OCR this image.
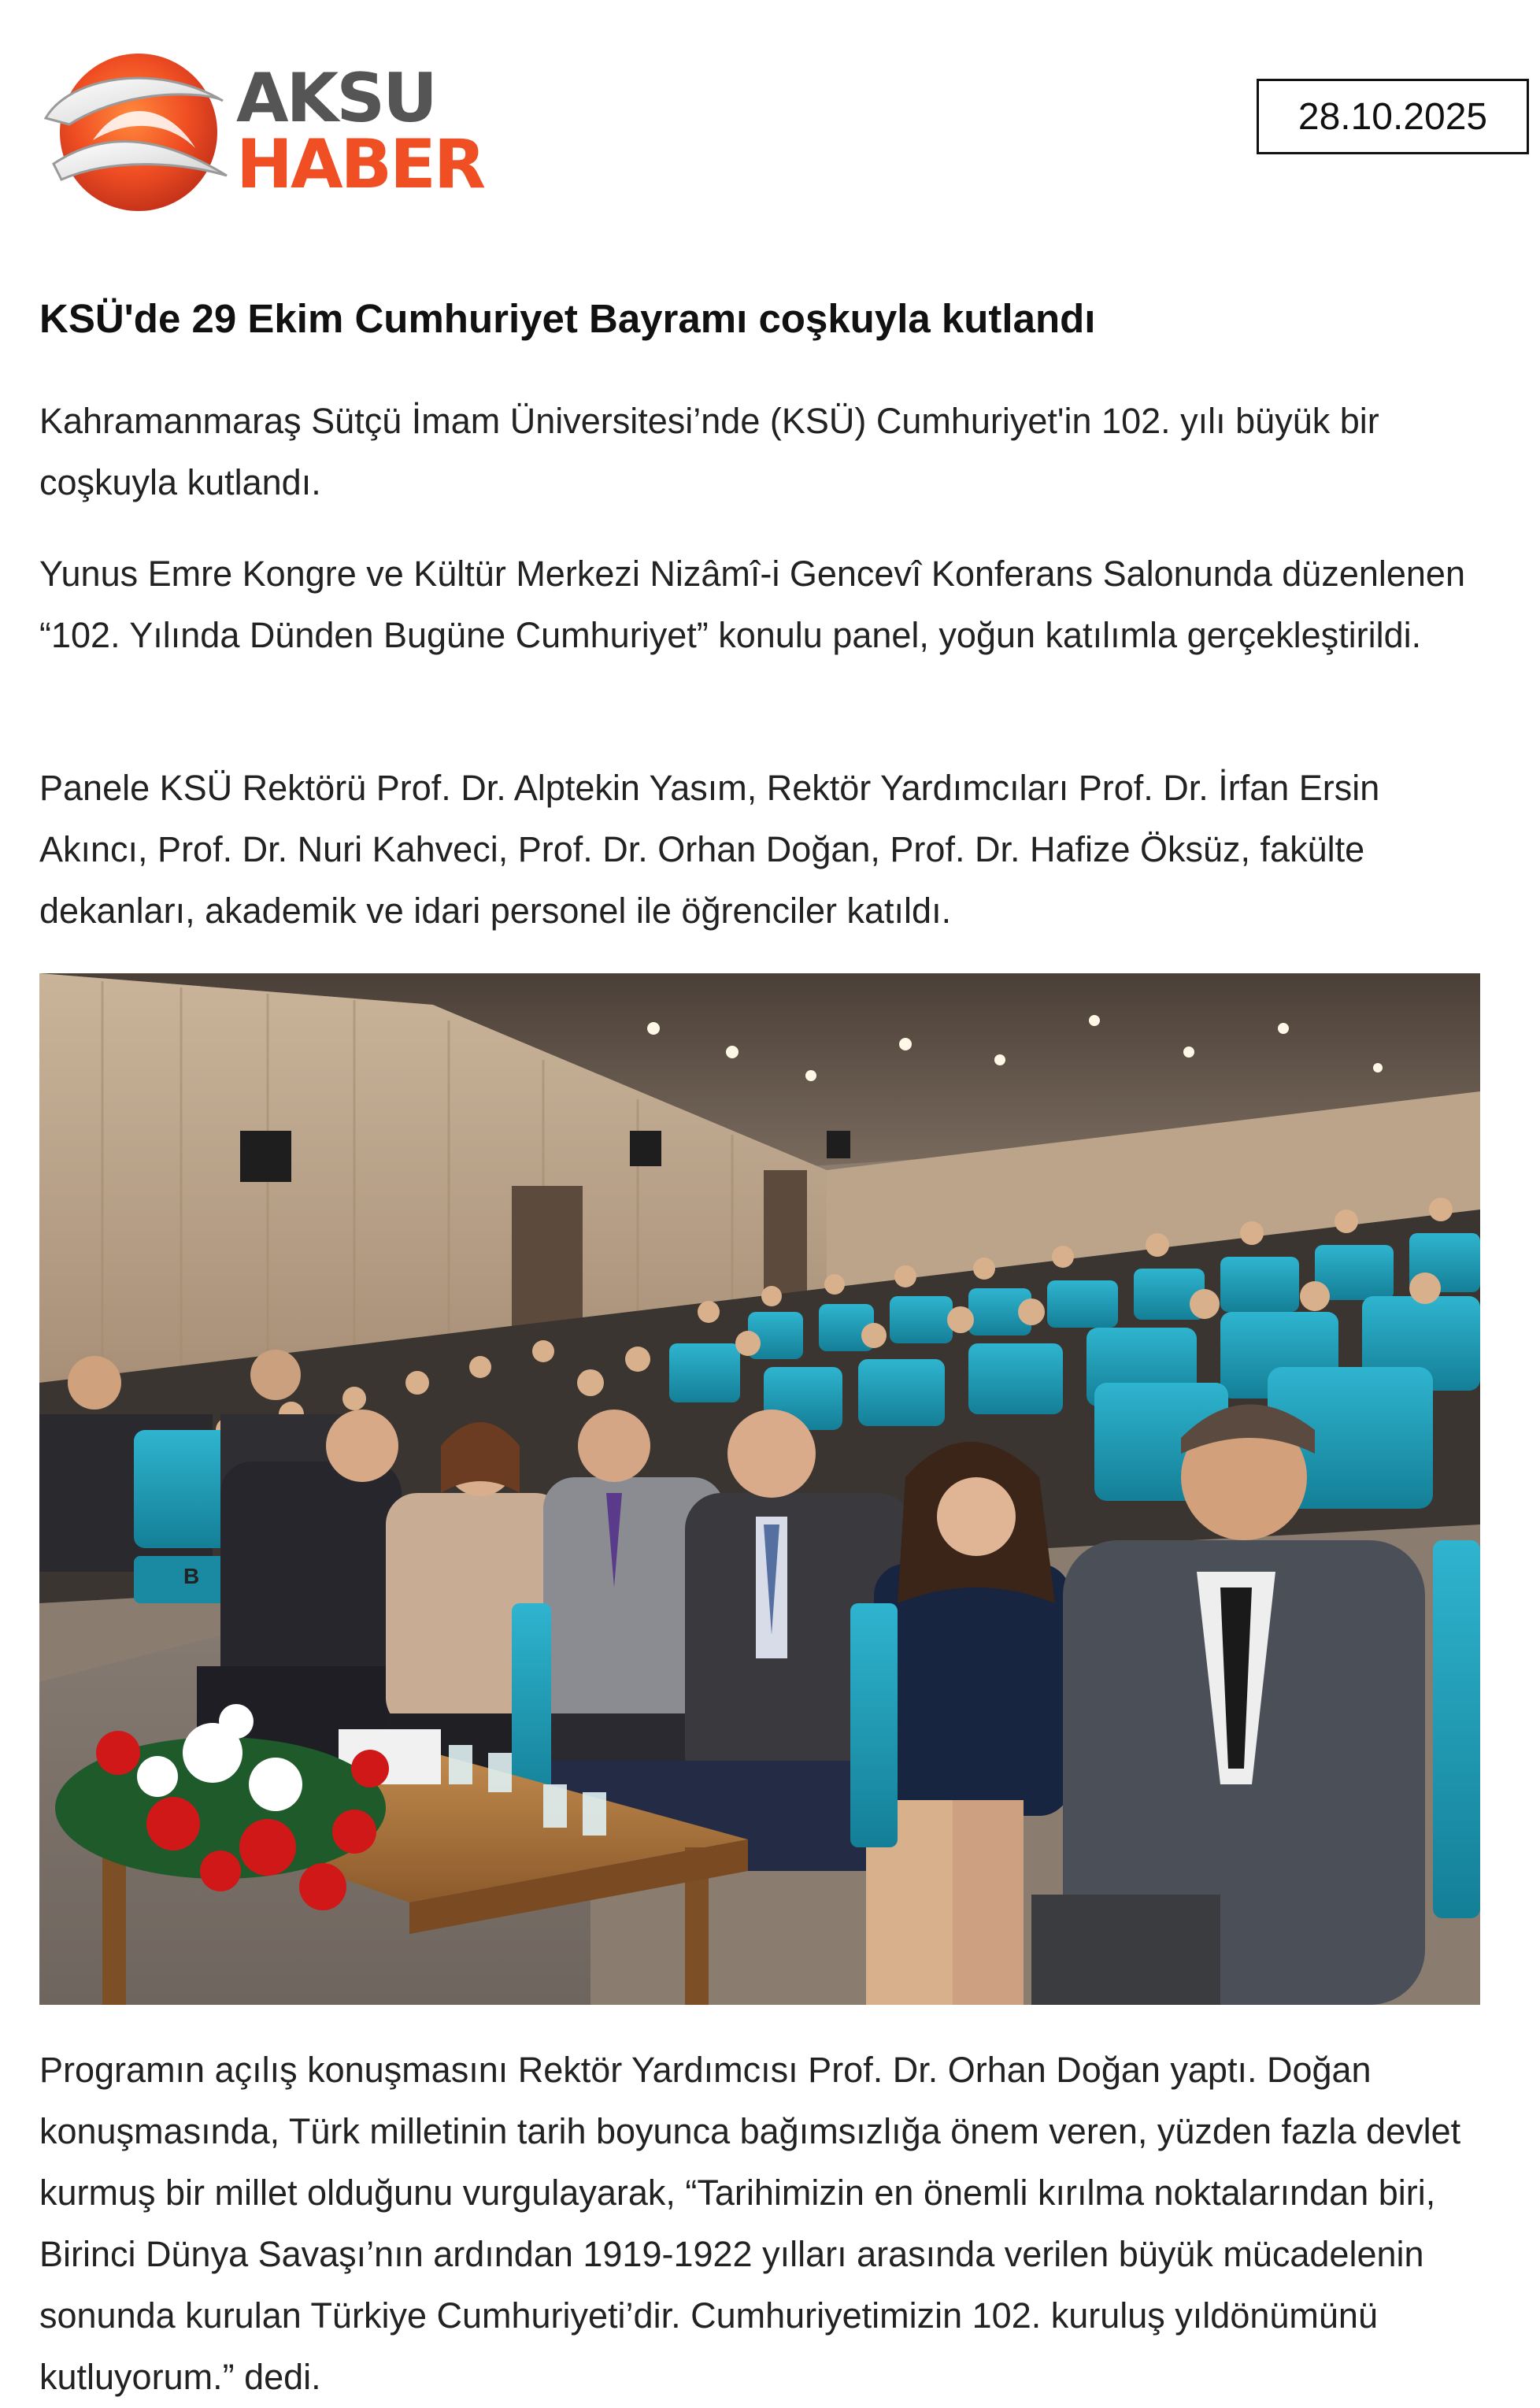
AKSU
HABER
28.10.2025
KSÜ'de 29 Ekim Cumhuriyet Bayramı coşkuyla kutlandı

Kahramanmaraş Sütçü İmam Üniversitesi’nde (KSÜ) Cumhuriyet'in 102. yılı büyük bir coşkuyla kutlandı.

Yunus Emre Kongre ve Kültür Merkezi Nizâmî-i Gencevî Konferans Salonunda düzenlenen “102. Yılında Dünden Bugüne Cumhuriyet” konulu panel, yoğun katılımla gerçekleştirildi.

Panele KSÜ Rektörü Prof. Dr. Alptekin Yasım, Rektör Yardımcıları Prof. Dr. İrfan Ersin Akıncı, Prof. Dr. Nuri Kahveci, Prof. Dr. Orhan Doğan, Prof. Dr. Hafize Öksüz, fakülte dekanları, akademik ve idari personel ile öğrenciler katıldı.

B

Programın açılış konuşmasını Rektör Yardımcısı Prof. Dr. Orhan Doğan yaptı. Doğan konuşmasında, Türk milletinin tarih boyunca bağımsızlığa önem veren, yüzden fazla devlet kurmuş bir millet olduğunu vurgulayarak, “Tarihimizin en önemli kırılma noktalarından biri, Birinci Dünya Savaşı’nın ardından 1919-1922 yılları arasında verilen büyük mücadelenin sonunda kurulan Türkiye Cumhuriyeti’dir. Cumhuriyetimizin 102. kuruluş yıldönümünü kutluyorum.” dedi.
